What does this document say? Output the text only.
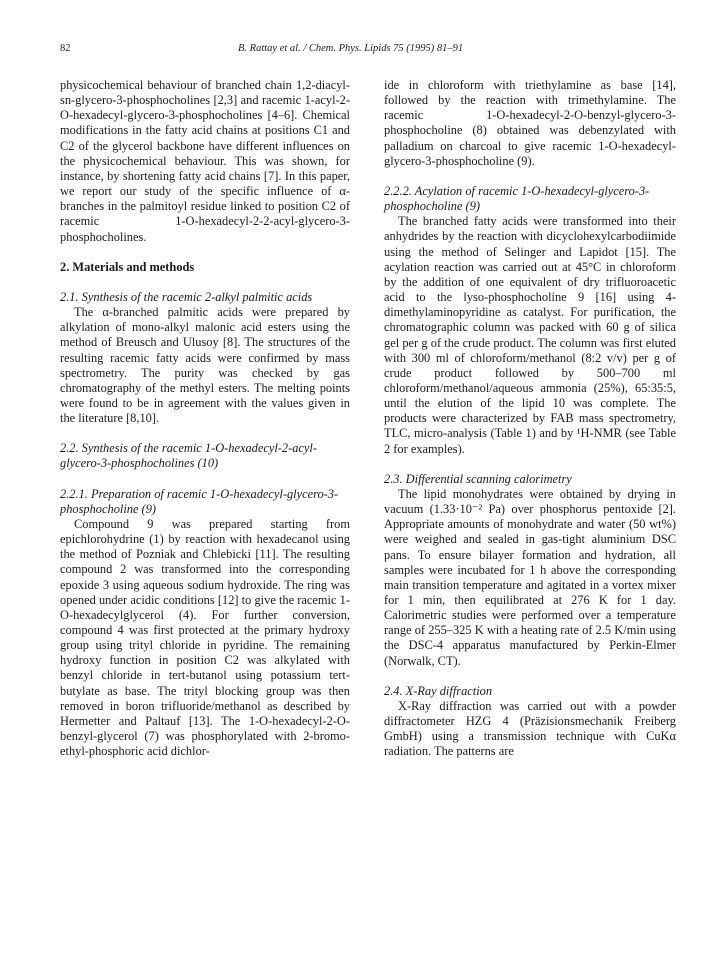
82	B. Rattay et al. / Chem. Phys. Lipids 75 (1995) 81–91

physicochemical behaviour of branched chain 1,2-diacyl-sn-glycero-3-phosphocholines [2,3] and racemic 1-acyl-2-O-hexadecyl-glycero-3-phosphocholines [4–6]. Chemical modifications in the fatty acid chains at positions C1 and C2 of the glycerol backbone have different influences on the physicochemical behaviour. This was shown, for instance, by shortening fatty acid chains [7]. In this paper, we report our study of the specific influence of α-branches in the palmitoyl residue linked to position C2 of racemic 1-O-hexadecyl-2-2-acyl-glycero-3-phosphocholines.

2. Materials and methods

2.1. Synthesis of the racemic 2-alkyl palmitic acids

The α-branched palmitic acids were prepared by alkylation of mono-alkyl malonic acid esters using the method of Breusch and Ulusoy [8]. The structures of the resulting racemic fatty acids were confirmed by mass spectrometry. The purity was checked by gas chromatography of the methyl esters. The melting points were found to be in agreement with the values given in the literature [8,10].

2.2. Synthesis of the racemic 1-O-hexadecyl-2-acyl-glycero-3-phosphocholines (10)

2.2.1. Preparation of racemic 1-O-hexadecyl-glycero-3-phosphocholine (9)

Compound 9 was prepared starting from epichlorohydrine (1) by reaction with hexadecanol using the method of Pozniak and Chlebicki [11]. The resulting compound 2 was transformed into the corresponding epoxide 3 using aqueous sodium hydroxide. The ring was opened under acidic conditions [12] to give the racemic 1-O-hexadecylglycerol (4). For further conversion, compound 4 was first protected at the primary hydroxy group using trityl chloride in pyridine. The remaining hydroxy function in position C2 was alkylated with benzyl chloride in tert-butanol using potassium tert-butylate as base. The trityl blocking group was then removed in boron trifluoride/methanol as described by Hermetter and Paltauf [13]. The 1-O-hexadecyl-2-O-benzyl-glycerol (7) was phosphorylated with 2-bromo-ethyl-phosphoric acid dichlor-

ide in chloroform with triethylamine as base [14], followed by the reaction with trimethylamine. The racemic 1-O-hexadecyl-2-O-benzyl-glycero-3-phosphocholine (8) obtained was debenzylated with palladium on charcoal to give racemic 1-O-hexadecyl-glycero-3-phosphocholine (9).

2.2.2. Acylation of racemic 1-O-hexadecyl-glycero-3-phosphocholine (9)

The branched fatty acids were transformed into their anhydrides by the reaction with dicyclohexylcarbodiimide using the method of Selinger and Lapidot [15]. The acylation reaction was carried out at 45°C in chloroform by the addition of one equivalent of dry trifluoroacetic acid to the lyso-phosphocholine 9 [16] using 4-dimethylaminopyridine as catalyst. For purification, the chromatographic column was packed with 60 g of silica gel per g of the crude product. The column was first eluted with 300 ml of chloroform/methanol (8:2 v/v) per g of crude product followed by 500–700 ml chloroform/methanol/aqueous ammonia (25%), 65:35:5, until the elution of the lipid 10 was complete. The products were characterized by FAB mass spectrometry, TLC, micro-analysis (Table 1) and by ¹H-NMR (see Table 2 for examples).

2.3. Differential scanning calorimetry

The lipid monohydrates were obtained by drying in vacuum (1.33·10⁻² Pa) over phosphorus pentoxide [2]. Appropriate amounts of monohydrate and water (50 wt%) were weighed and sealed in gas-tight aluminium DSC pans. To ensure bilayer formation and hydration, all samples were incubated for 1 h above the corresponding main transition temperature and agitated in a vortex mixer for 1 min, then equilibrated at 276 K for 1 day. Calorimetric studies were performed over a temperature range of 255–325 K with a heating rate of 2.5 K/min using the DSC-4 apparatus manufactured by Perkin-Elmer (Norwalk, CT).

2.4. X-Ray diffraction

X-Ray diffraction was carried out with a powder diffractometer HZG 4 (Präzisionsmechanik Freiberg GmbH) using a transmission technique with CuKα radiation. The patterns are
